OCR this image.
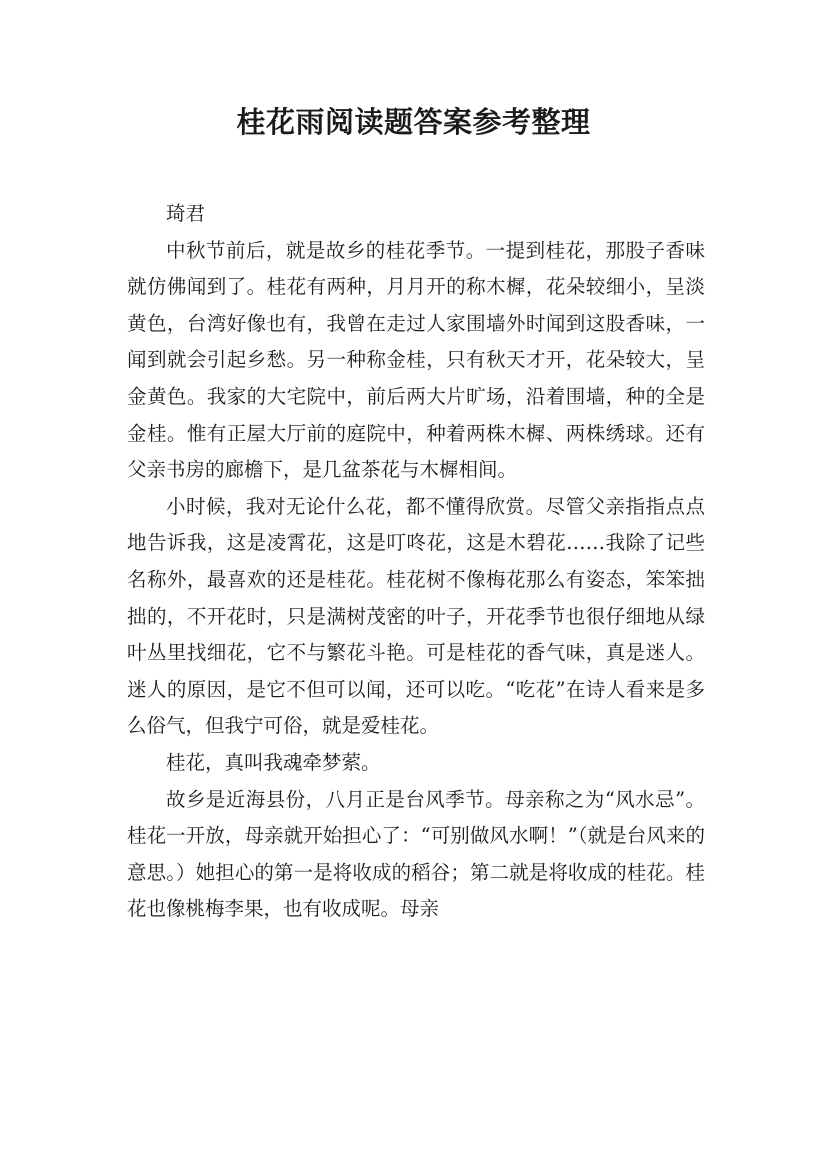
桂花雨阅读题答案参考整理

琦君

中秋节前后，就是故乡的桂花季节。一提到桂花，那股子香味就仿佛闻到了。桂花有两种，月月开的称木樨，花朵较细小，呈淡黄色，台湾好像也有，我曾在走过人家围墙外时闻到这股香味，一闻到就会引起乡愁。另一种称金桂，只有秋天才开，花朵较大，呈金黄色。我家的大宅院中，前后两大片旷场，沿着围墙，种的全是金桂。惟有正屋大厅前的庭院中，种着两株木樨、两株绣球。还有父亲书房的廊檐下，是几盆茶花与木樨相间。

小时候，我对无论什么花，都不懂得欣赏。尽管父亲指指点点地告诉我，这是凌霄花，这是叮咚花，这是木碧花……我除了记些名称外，最喜欢的还是桂花。桂花树不像梅花那么有姿态，笨笨拙拙的，不开花时，只是满树茂密的叶子，开花季节也很仔细地从绿叶丛里找细花，它不与繁花斗艳。可是桂花的香气味，真是迷人。迷人的原因，是它不但可以闻，还可以吃。“吃花”在诗人看来是多么俗气，但我宁可俗，就是爱桂花。

桂花，真叫我魂牵梦萦。

故乡是近海县份，八月正是台风季节。母亲称之为“风水忌”。桂花一开放，母亲就开始担心了：“可别做风水啊！”（就是台风来的意思。）她担心的第一是将收成的稻谷；第二就是将收成的桂花。桂花也像桃梅李果，也有收成呢。母亲
